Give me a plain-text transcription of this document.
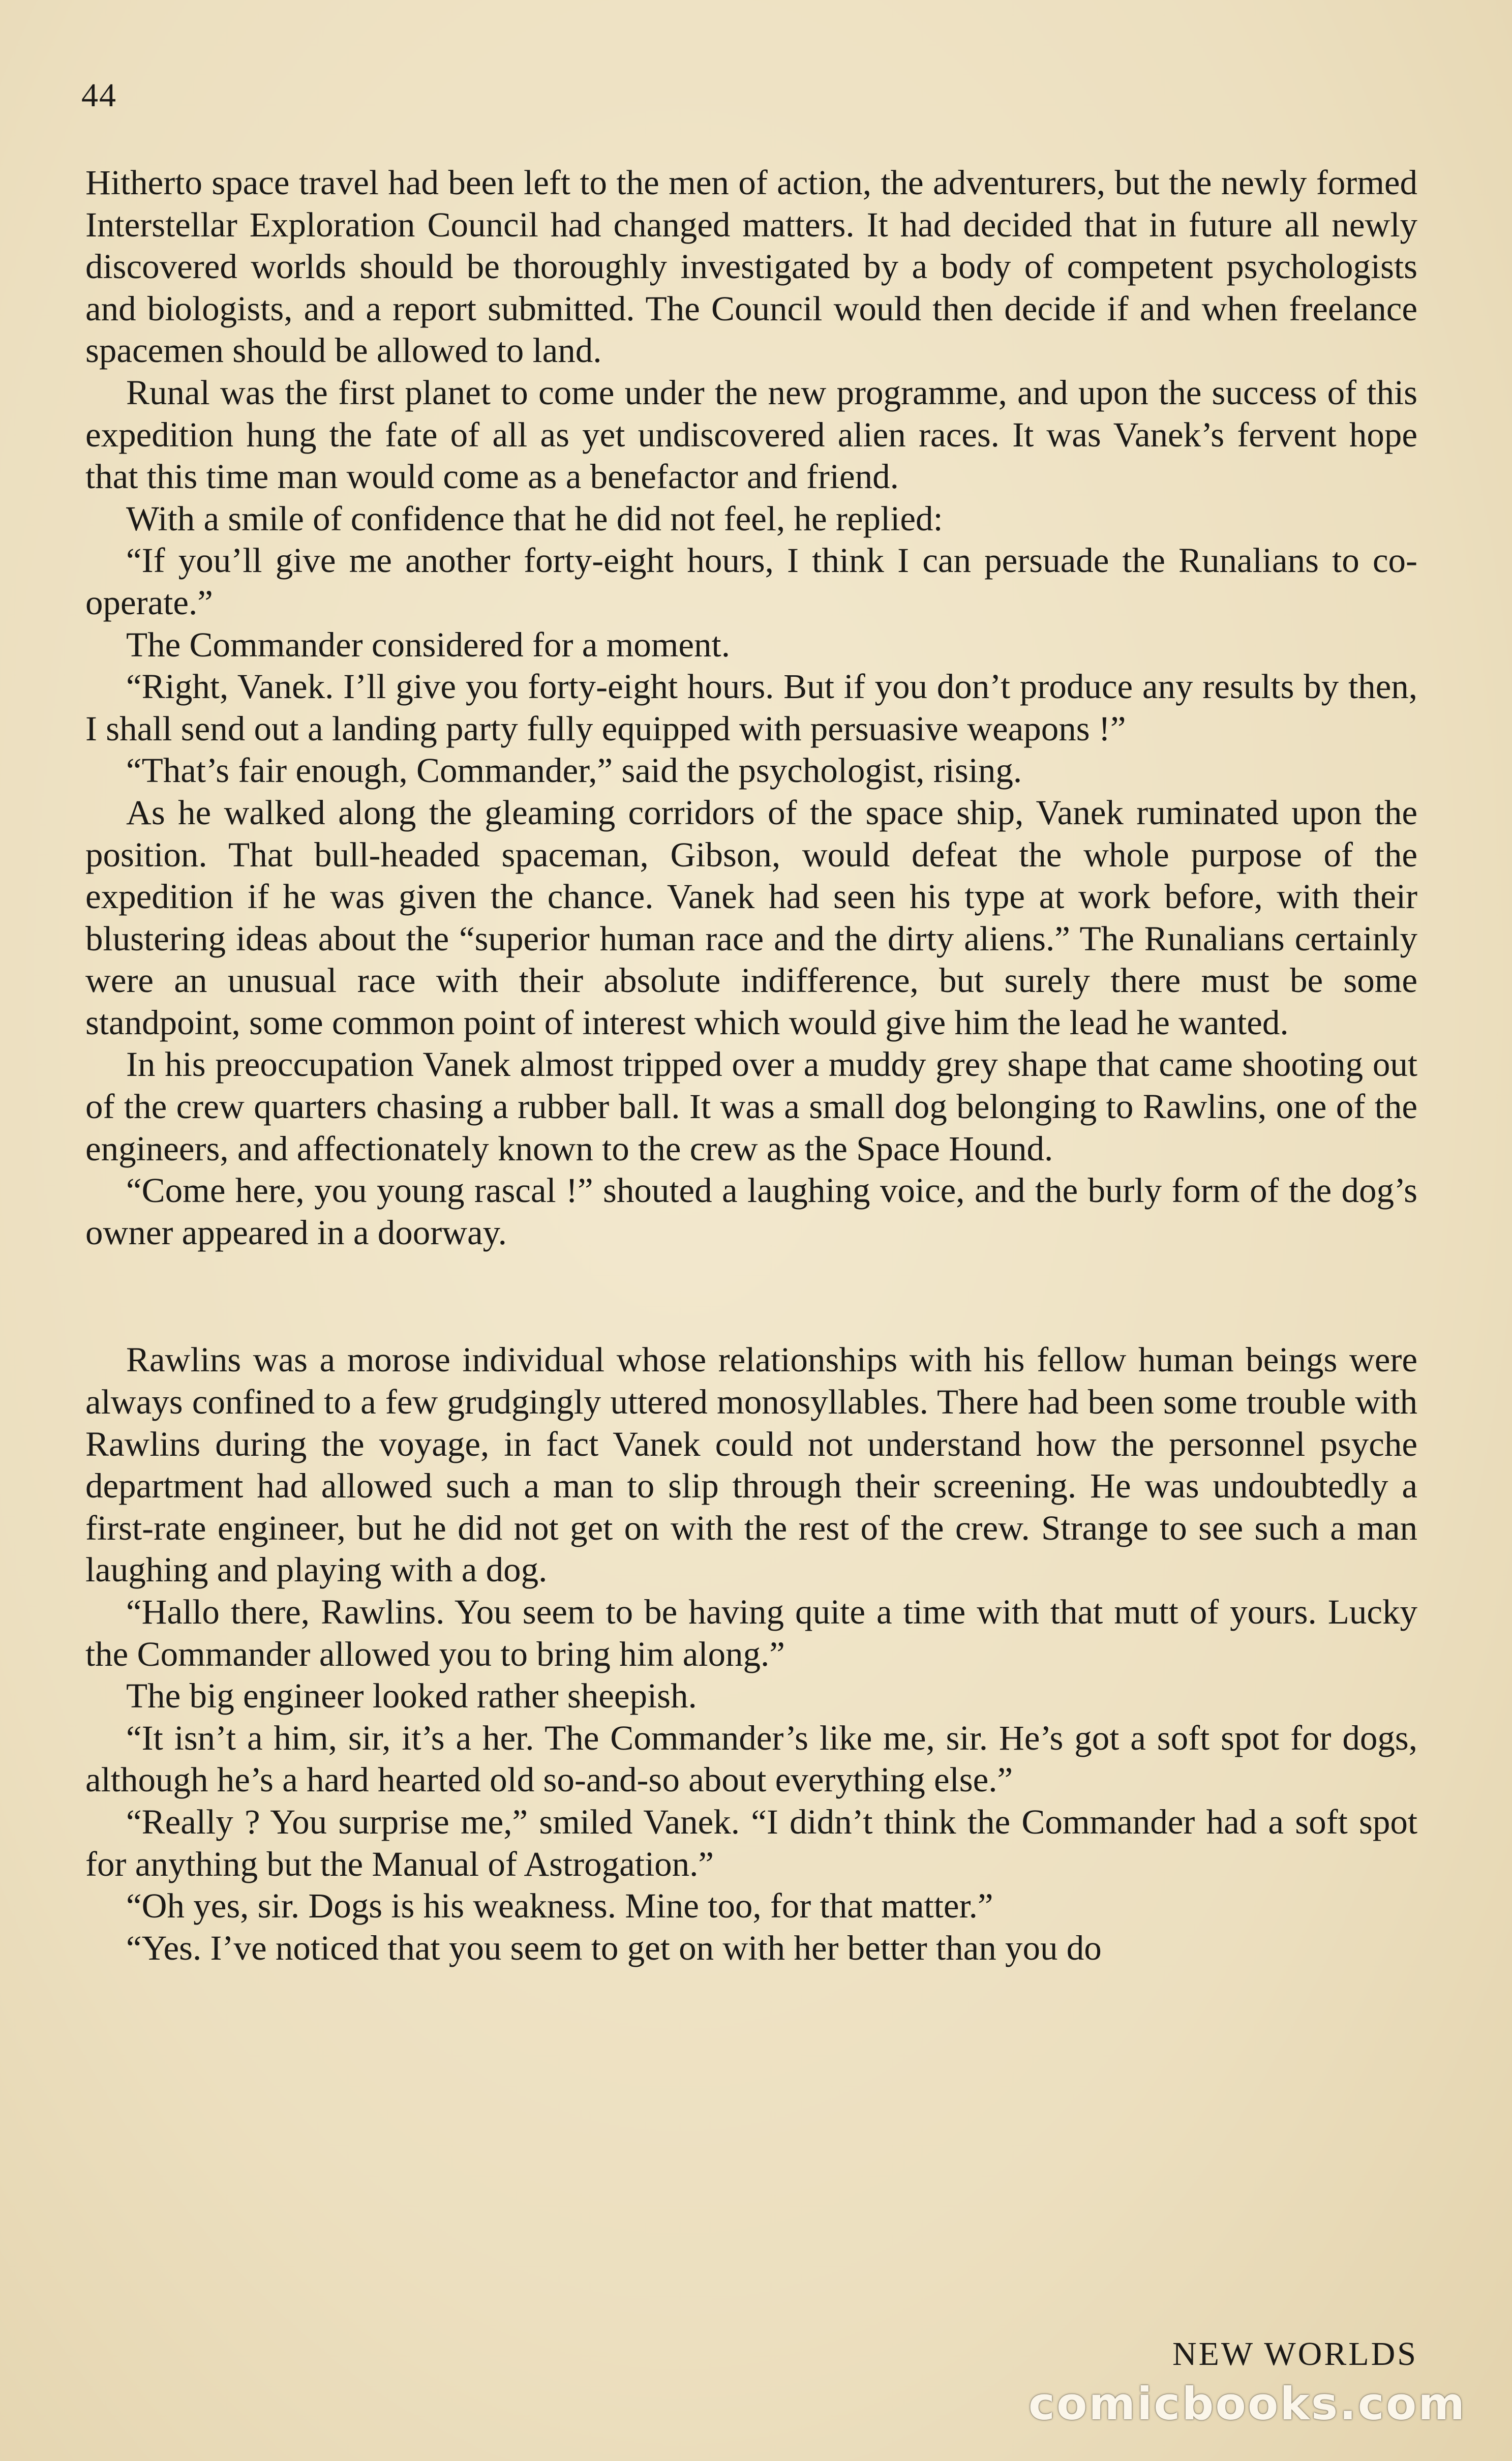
44

Hitherto space travel had been left to the men of action, the adventurers, but the newly formed Interstellar Exploration Council had changed matters. It had decided that in future all newly discovered worlds should be thoroughly investigated by a body of competent psychologists and biologists, and a report submitted. The Council would then decide if and when freelance spacemen should be allowed to land.

Runal was the first planet to come under the new programme, and upon the success of this expedition hung the fate of all as yet undiscovered alien races. It was Vanek’s fervent hope that this time man would come as a benefactor and friend.

With a smile of confidence that he did not feel, he replied:

“If you’ll give me another forty-eight hours, I think I can persuade the Runalians to co-operate.”

The Commander considered for a moment.

“Right, Vanek. I’ll give you forty-eight hours. But if you don’t produce any results by then, I shall send out a landing party fully equipped with persuasive weapons !”

“That’s fair enough, Commander,” said the psychologist, rising.

As he walked along the gleaming corridors of the space ship, Vanek ruminated upon the position. That bull-headed spaceman, Gibson, would defeat the whole purpose of the expedition if he was given the chance. Vanek had seen his type at work before, with their blustering ideas about the “superior human race and the dirty aliens.” The Runalians certainly were an unusual race with their absolute indifference, but surely there must be some standpoint, some common point of interest which would give him the lead he wanted.

In his preoccupation Vanek almost tripped over a muddy grey shape that came shooting out of the crew quarters chasing a rubber ball. It was a small dog belonging to Rawlins, one of the engineers, and affectionately known to the crew as the Space Hound.

“Come here, you young rascal !” shouted a laughing voice, and the burly form of the dog’s owner appeared in a doorway.

Rawlins was a morose individual whose relationships with his fellow human beings were always confined to a few grudgingly uttered monosyllables. There had been some trouble with Rawlins during the voyage, in fact Vanek could not understand how the personnel psyche department had allowed such a man to slip through their screening. He was undoubtedly a first-rate engineer, but he did not get on with the rest of the crew. Strange to see such a man laughing and playing with a dog.

“Hallo there, Rawlins. You seem to be having quite a time with that mutt of yours. Lucky the Commander allowed you to bring him along.”

The big engineer looked rather sheepish.

“It isn’t a him, sir, it’s a her. The Commander’s like me, sir. He’s got a soft spot for dogs, although he’s a hard hearted old so-and-so about everything else.”

“Really ? You surprise me,” smiled Vanek. “I didn’t think the Commander had a soft spot for anything but the Manual of Astrogation.”

“Oh yes, sir. Dogs is his weakness. Mine too, for that matter.”

“Yes. I’ve noticed that you seem to get on with her better than you do

NEW WORLDS
comicbooks.com
